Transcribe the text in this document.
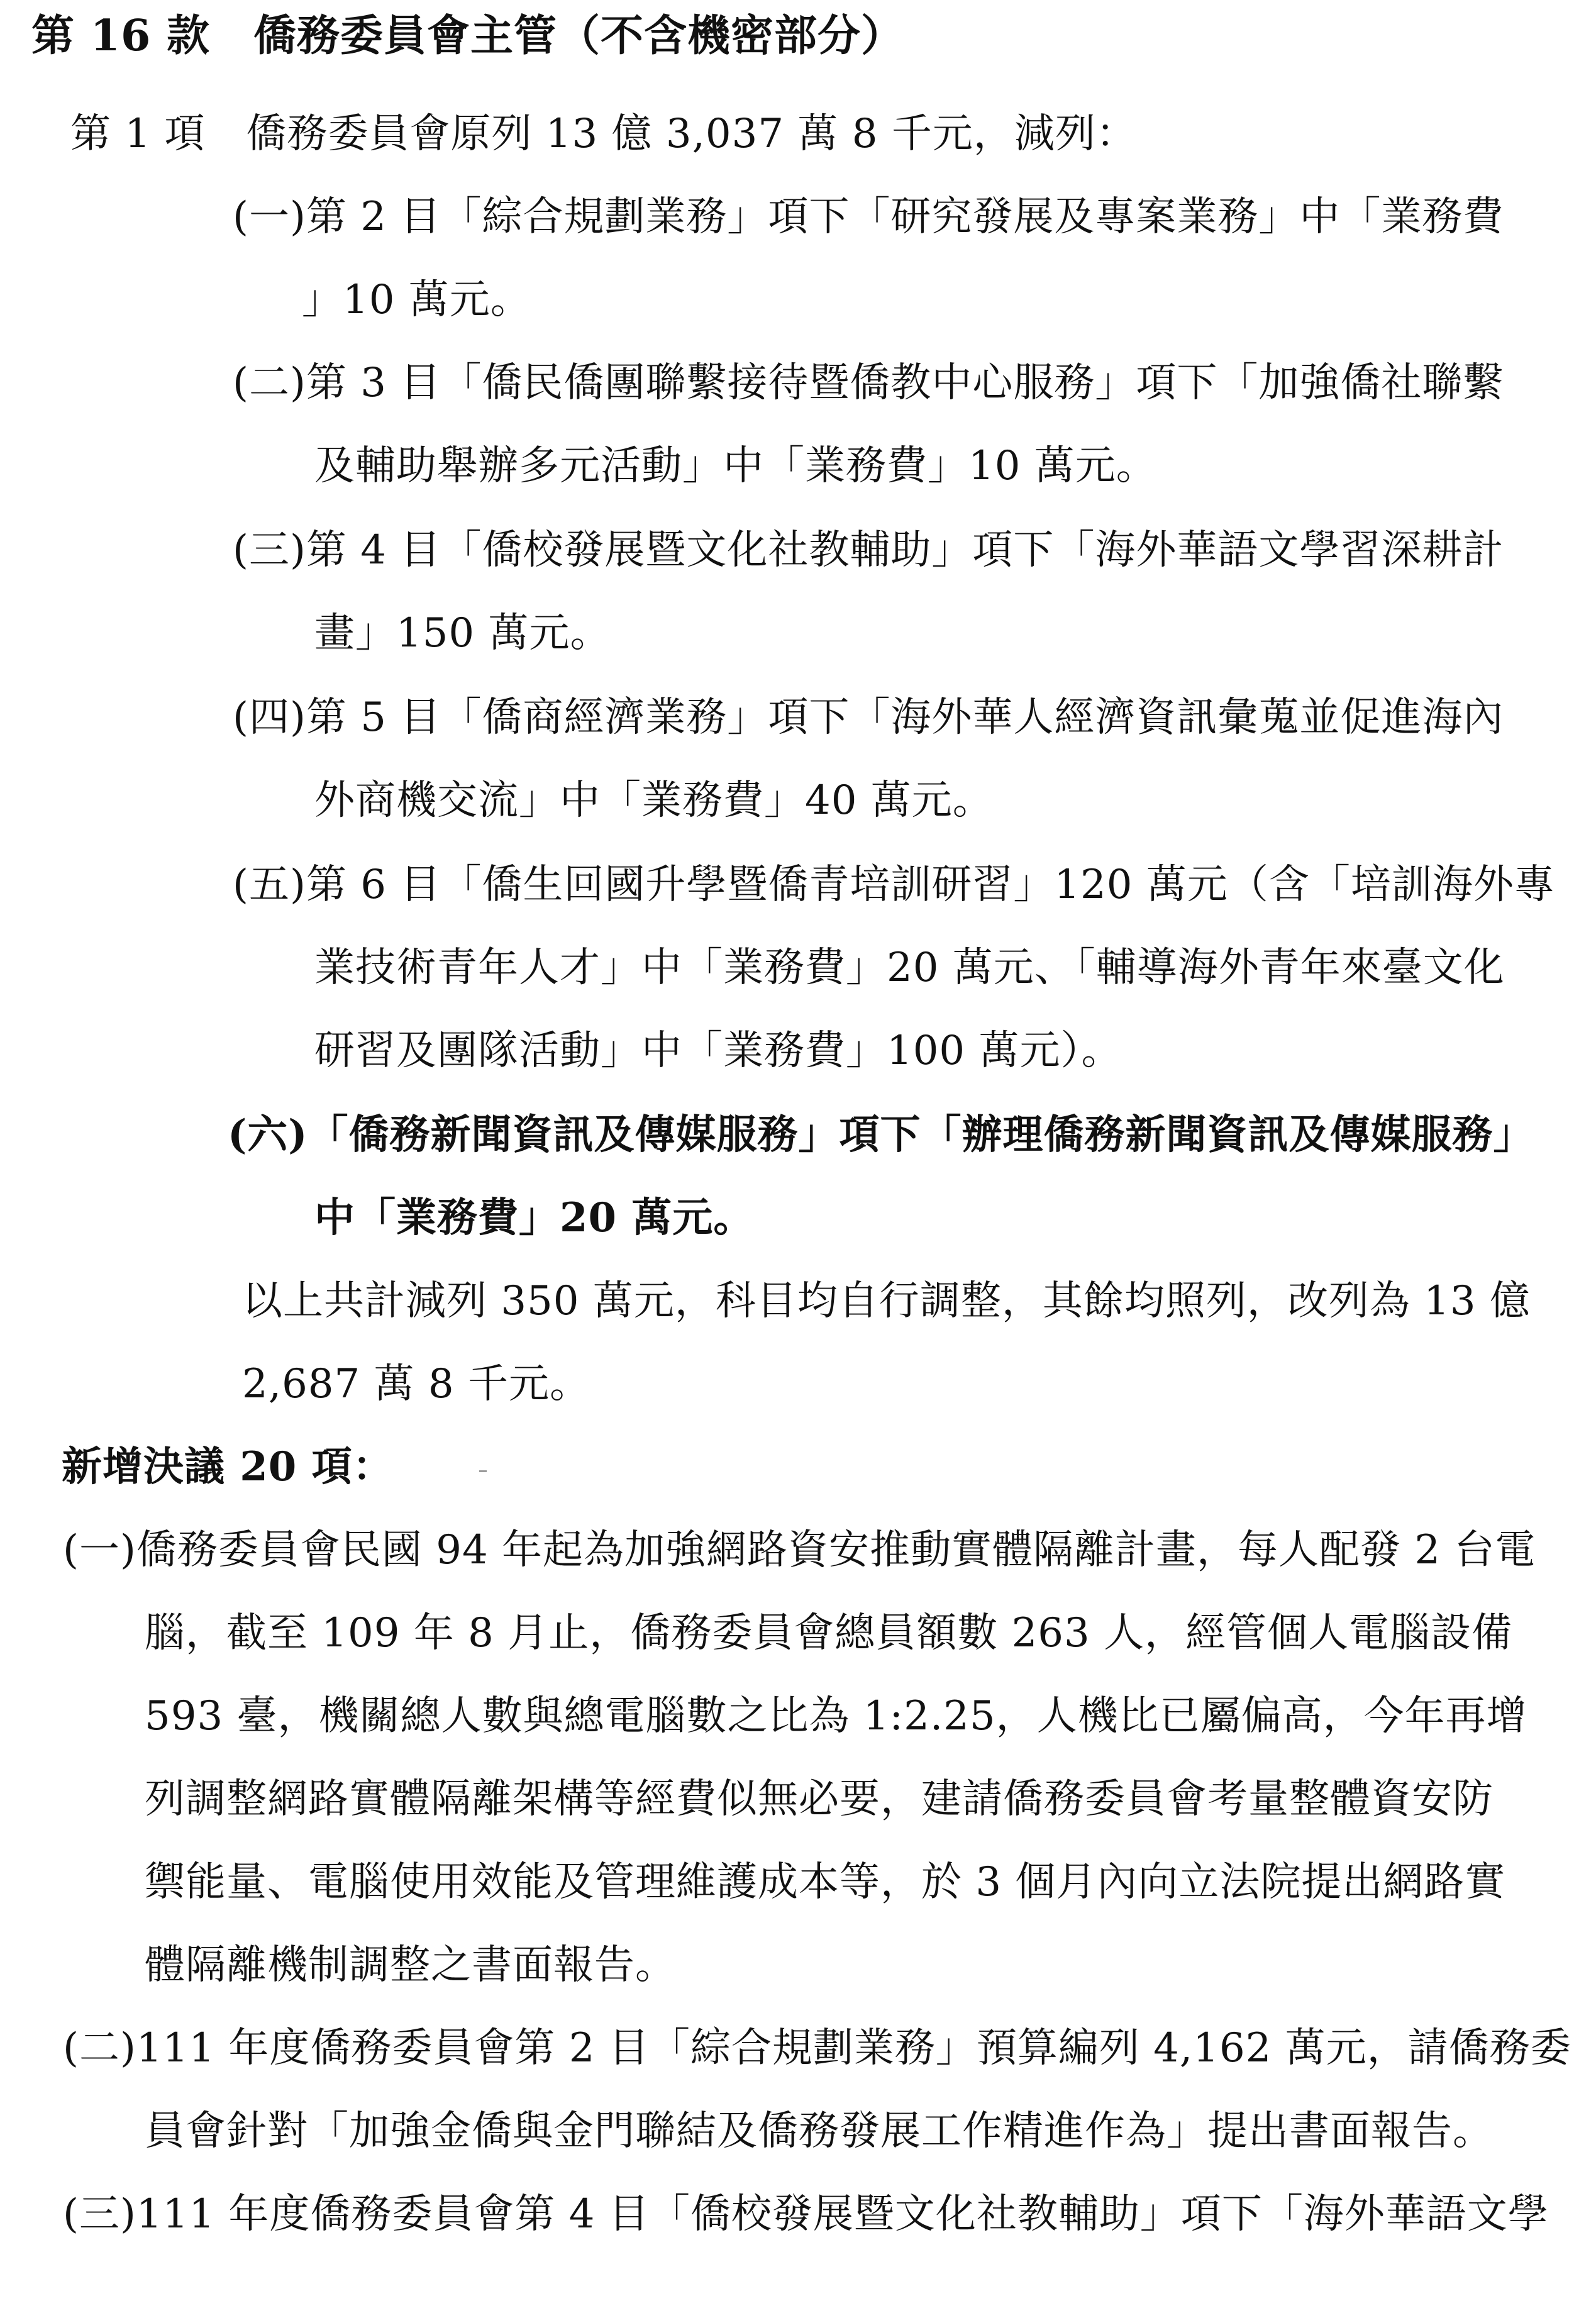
第 16 款　僑務委員會主管（不含機密部分）
第 1 項　僑務委員會原列 13 億 3,037 萬 8 千元，減列：
(一)第 2 目「綜合規劃業務」項下「研究發展及專案業務」中「業務費
」10 萬元。
(二)第 3 目「僑民僑團聯繫接待暨僑教中心服務」項下「加強僑社聯繫
及輔助舉辦多元活動」中「業務費」10 萬元。
(三)第 4 目「僑校發展暨文化社教輔助」項下「海外華語文學習深耕計
畫」150 萬元。
(四)第 5 目「僑商經濟業務」項下「海外華人經濟資訊彙蒐並促進海內
外商機交流」中「業務費」40 萬元。
(五)第 6 目「僑生回國升學暨僑青培訓研習」120 萬元（含「培訓海外專
業技術青年人才」中「業務費」20 萬元、「輔導海外青年來臺文化
研習及團隊活動」中「業務費」100 萬元）。
(六)「僑務新聞資訊及傳媒服務」項下「辦理僑務新聞資訊及傳媒服務」
中「業務費」20 萬元。
以上共計減列 350 萬元，科目均自行調整，其餘均照列，改列為 13 億
2,687 萬 8 千元。
新增決議 20 項：
(一)僑務委員會民國 94 年起為加強網路資安推動實體隔離計畫，每人配發 2 台電
腦，截至 109 年 8 月止，僑務委員會總員額數 263 人，經管個人電腦設備
593 臺，機關總人數與總電腦數之比為 1:2.25，人機比已屬偏高，今年再增
列調整網路實體隔離架構等經費似無必要，建請僑務委員會考量整體資安防
禦能量、電腦使用效能及管理維護成本等，於 3 個月內向立法院提出網路實
體隔離機制調整之書面報告。
(二)111 年度僑務委員會第 2 目「綜合規劃業務」預算編列 4,162 萬元，請僑務委
員會針對「加強金僑與金門聯結及僑務發展工作精進作為」提出書面報告。
(三)111 年度僑務委員會第 4 目「僑校發展暨文化社教輔助」項下「海外華語文學
